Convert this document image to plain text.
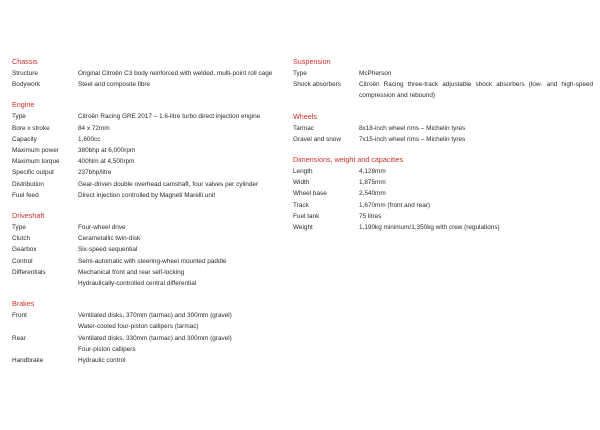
Chassis
Structure	Original Citroën C3 body reinforced with welded, multi-point roll cage
Bodywork	Steel and composite fibre
Engine
Type	Citroën Racing GRE 2017 – 1.6-litre turbo direct injection engine
Bore x stroke	84 x 72mm
Capacity	1,600cc
Maximum power	380bhp at 6,000rpm
Maximum torque	400Nm at 4,500rpm
Specific output	237bhp/litre
Distribution	Gear-driven double overhead camshaft, four valves per cylinder
Fuel feed	Direct injection controlled by Magneti Marelli unit
Driveshaft
Type	Four-wheel drive
Clutch	Cerametallic twin-disk
Gearbox	Six-speed sequential
Control	Semi-automatic with steering-wheel mounted paddle
Differentials	Mechanical front and rear self-locking
Hydraulically-controlled central differential
Brakes
Front	Ventilated disks, 370mm (tarmac) and 300mm (gravel)
Water-cooled four-piston callipers (tarmac)
Rear	Ventilated disks, 330mm (tarmac) and 300mm (gravel)
Four-piston callipers
Handbrake	Hydraulic control
Suspension
Type	McPherson
Shock absorbers	Citroën Racing three-track adjustable shock absorbers (low- and high-speed compression and rebound)
Wheels
Tarmac	8x18-inch wheel rims – Michelin tyres
Gravel and snow	7x15-inch wheel rims – Michelin tyres
Dimensions, weight and capacities
Length	4,128mm
Width	1,875mm
Wheel base	2,540mm
Track	1,670mm (front and rear)
Fuel tank	75 litres
Weight	1,190kg minimum/1,350kg with crew (regulations)
